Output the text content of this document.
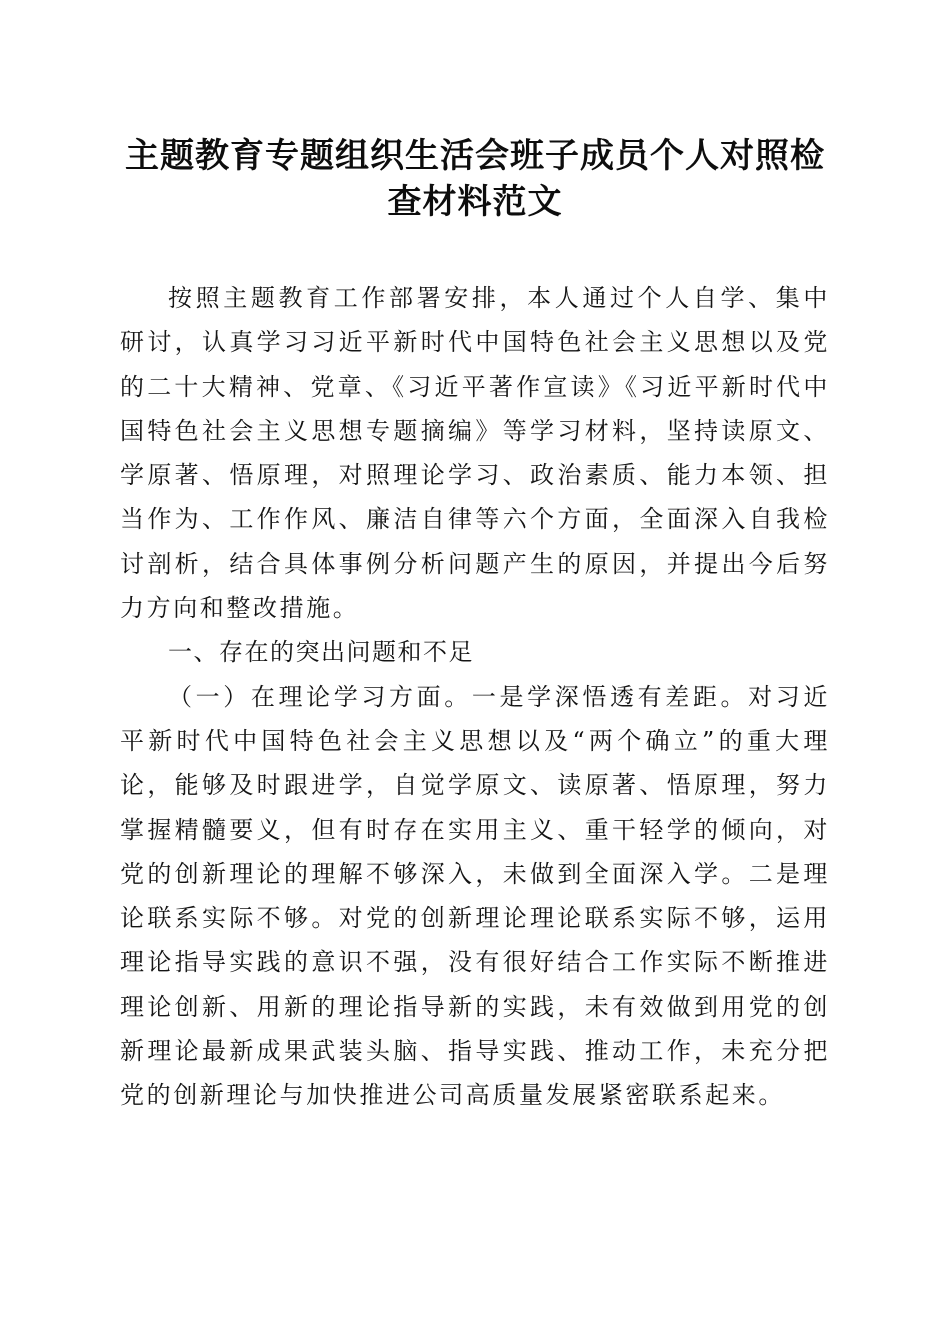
主题教育专题组织生活会班子成员个人对照检
查材料范文

按照主题教育工作部署安排，本人通过个人自学、集中研讨，认真学习习近平新时代中国特色社会主义思想以及党的二十大精神、党章、《习近平著作宣读》《习近平新时代中国特色社会主义思想专题摘编》等学习材料，坚持读原文、学原著、悟原理，对照理论学习、政治素质、能力本领、担当作为、工作作风、廉洁自律等六个方面，全面深入自我检讨剖析，结合具体事例分析问题产生的原因，并提出今后努力方向和整改措施。

一、存在的突出问题和不足

（一）在理论学习方面。一是学深悟透有差距。对习近平新时代中国特色社会主义思想以及“两个确立”的重大理论，能够及时跟进学，自觉学原文、读原著、悟原理，努力掌握精髓要义，但有时存在实用主义、重干轻学的倾向，对党的创新理论的理解不够深入，未做到全面深入学。二是理论联系实际不够。对党的创新理论理论联系实际不够，运用理论指导实践的意识不强，没有很好结合工作实际不断推进理论创新、用新的理论指导新的实践，未有效做到用党的创新理论最新成果武装头脑、指导实践、推动工作，未充分把党的创新理论与加快推进公司高质量发展紧密联系起来。
